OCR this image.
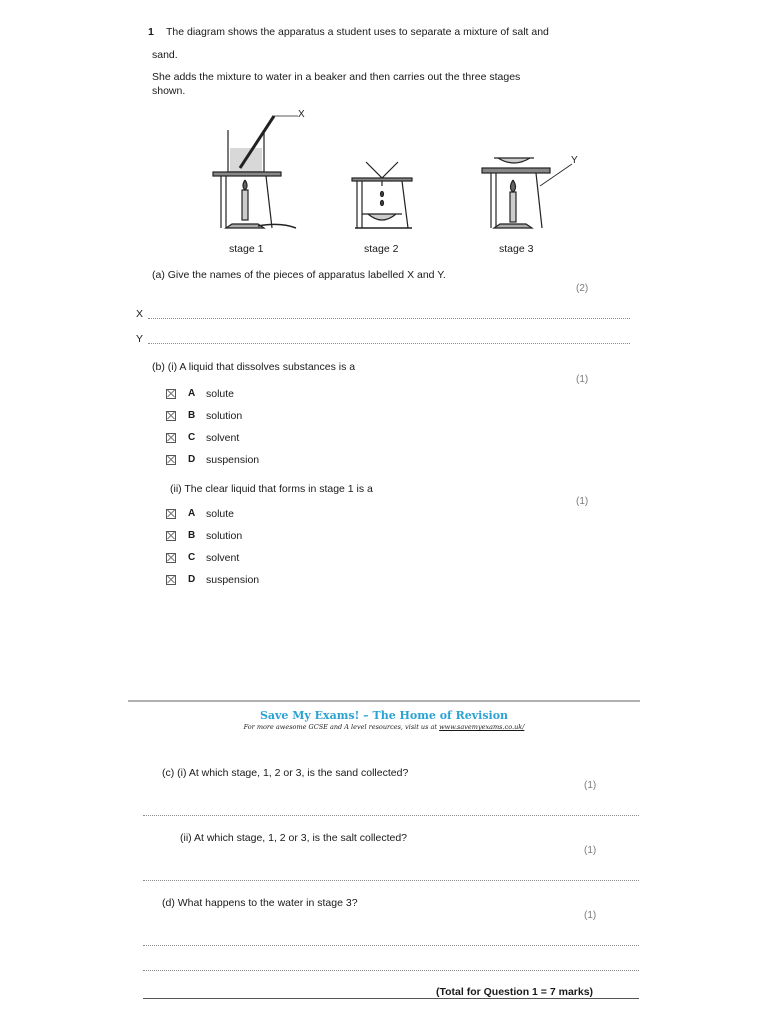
1 The diagram shows the apparatus a student uses to separate a mixture of salt and
sand.
She adds the mixture to water in a beaker and then carries out the three stages
shown.
X
Y
stage 1	stage 2	stage 3
(a) Give the names of the pieces of apparatus labelled X and Y.
(2)
X
Y
(b) (i) A liquid that dissolves substances is a
(1)
A solute
B solution
C solvent
D suspension
(ii) The clear liquid that forms in stage 1 is a
(1)
A solute
B solution
C solvent
D suspension
Save My Exams! – The Home of Revision
For more awesome GCSE and A level resources, visit us at www.savemyexams.co.uk/
(c) (i) At which stage, 1, 2 or 3, is the sand collected?
(1)
(ii) At which stage, 1, 2 or 3, is the salt collected?
(1)
(d) What happens to the water in stage 3?
(1)
(Total for Question 1 = 7 marks)
